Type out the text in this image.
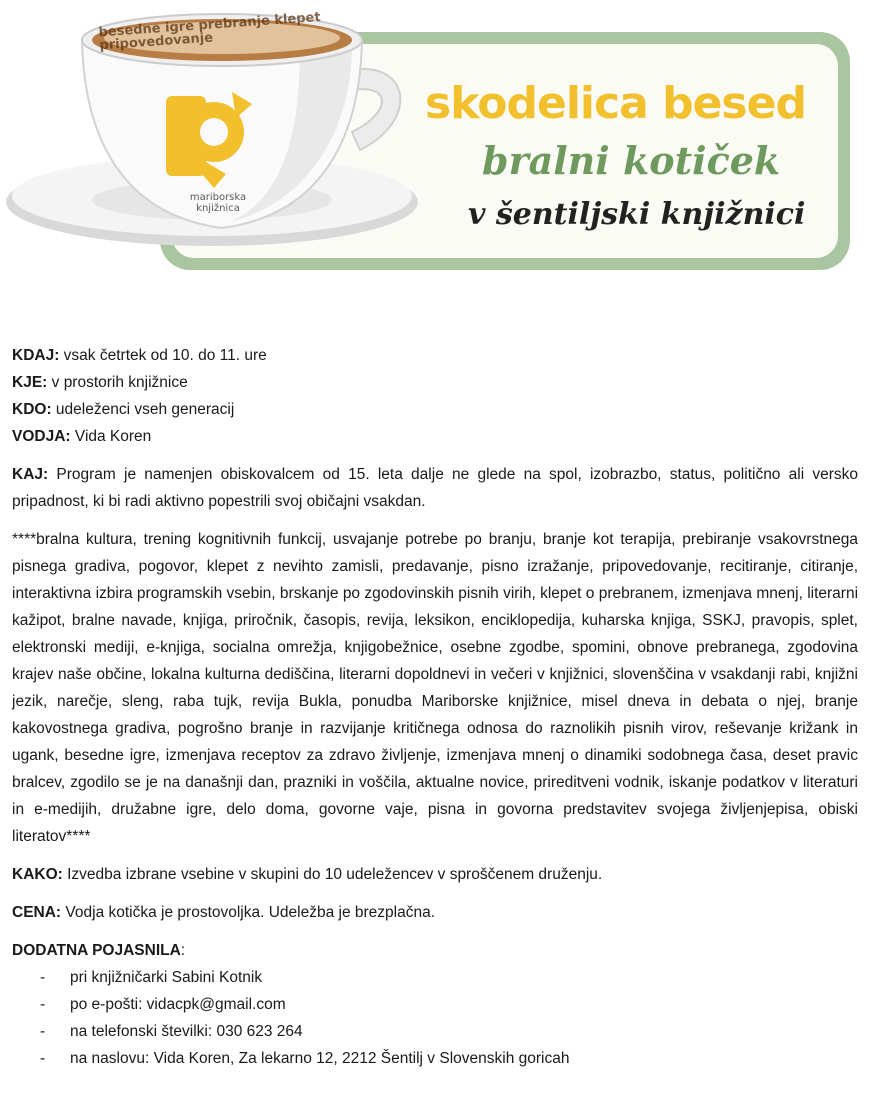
besedne igre prebranje klepet pripovedovanje
mariborska
knjižnica
skodelica besed
bralni kotiček
v šentiljski knjižnici

KDAJ: vsak četrtek od 10. do 11. ure

KJE: v prostorih knjižnice

KDO: udeleženci vseh generacij

VODJA: Vida Koren

KAJ: Program je namenjen obiskovalcem od 15. leta dalje ne glede na spol, izobrazbo, status, politično ali versko pripadnost, ki bi radi aktivno popestrili svoj običajni vsakdan.

****bralna kultura, trening kognitivnih funkcij, usvajanje potrebe po branju, branje kot terapija, prebiranje vsakovrstnega pisnega gradiva, pogovor, klepet z nevihto zamisli, predavanje, pisno izražanje, pripovedovanje, recitiranje, citiranje, interaktivna izbira programskih vsebin, brskanje po zgodovinskih pisnih virih, klepet o prebranem, izmenjava mnenj, literarni kažipot, bralne navade, knjiga, priročnik, časopis, revija, leksikon, enciklopedija, kuharska knjiga, SSKJ, pravopis, splet, elektronski mediji, e-knjiga, socialna omrežja, knjigobežnice, osebne zgodbe, spomini, obnove prebranega, zgodovina krajev naše občine, lokalna kulturna dediščina, literarni dopoldnevi in večeri v knjižnici, slovenščina v vsakdanji rabi, knjižni jezik, narečje, sleng, raba tujk, revija Bukla, ponudba Mariborske knjižnice, misel dneva in debata o njej, branje kakovostnega gradiva, pogrošno branje in razvijanje kritičnega odnosa do raznolikih pisnih virov, reševanje križank in ugank, besedne igre, izmenjava receptov za zdravo življenje, izmenjava mnenj o dinamiki sodobnega časa, deset pravic bralcev, zgodilo se je na današnji dan, prazniki in voščila, aktualne novice, prireditveni vodnik, iskanje podatkov v literaturi in e-medijih, družabne igre, delo doma, govorne vaje, pisna in govorna predstavitev svojega življenjepisa, obiski literatov****

KAKO: Izvedba izbrane vsebine v skupini do 10 udeležencev v sproščenem druženju.

CENA: Vodja kotička je prostovoljka. Udeležba je brezplačna.

DODATNA POJASNILA:

- pri knjižničarki Sabini Kotnik
- po e-pošti: vidacpk@gmail.com
- na telefonski številki: 030 623 264
- na naslovu: Vida Koren, Za lekarno 12, 2212 Šentilj v Slovenskih goricah
